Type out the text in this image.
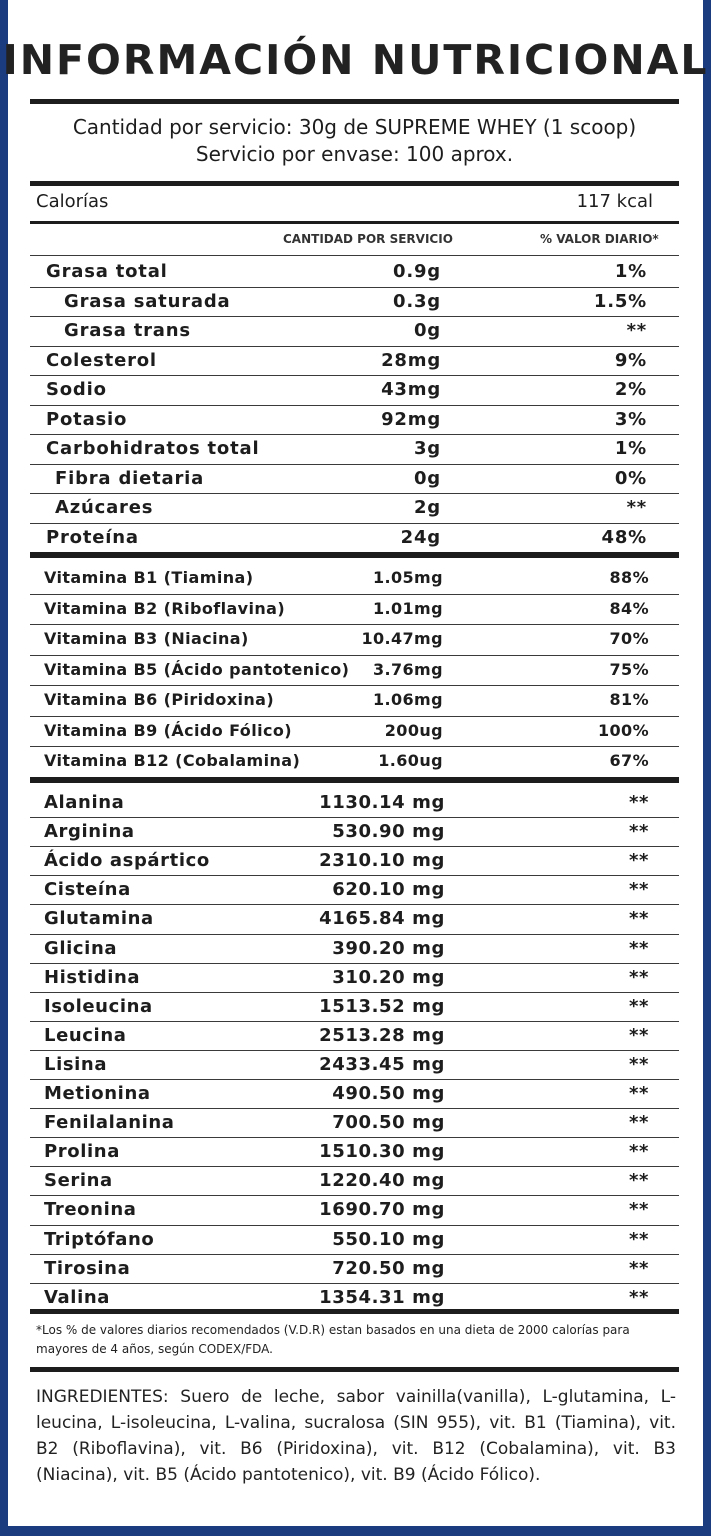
INFORMACIÓN NUTRICIONAL
Cantidad por servicio: 30g de SUPREME WHEY (1 scoop)
Servicio por envase: 100 aprox.
Calorías	117 kcal
CANTIDAD POR SERVICIO	% VALOR DIARIO*
Grasa total	0.9g	1%
Grasa saturada	0.3g	1.5%
Grasa trans	0g	**
Colesterol	28mg	9%
Sodio	43mg	2%
Potasio	92mg	3%
Carbohidratos total	3g	1%
Fibra dietaria	0g	0%
Azúcares	2g	**
Proteína	24g	48%
Vitamina B1 (Tiamina)	1.05mg	88%
Vitamina B2 (Riboflavina)	1.01mg	84%
Vitamina B3 (Niacina)	10.47mg	70%
Vitamina B5 (Ácido pantotenico) 3.76mg	75%
Vitamina B6 (Piridoxina)	1.06mg	81%
Vitamina B9 (Ácido Fólico)	200ug	100%
Vitamina B12 (Cobalamina)	1.60ug	67%
Alanina	1130.14 mg	**
Arginina	530.90 mg	**
Ácido aspártico	2310.10 mg	**
Cisteína	620.10 mg	**
Glutamina	4165.84 mg	**
Glicina	390.20 mg	**
Histidina	310.20 mg	**
Isoleucina	1513.52 mg	**
Leucina	2513.28 mg	**
Lisina	2433.45 mg	**
Metionina	490.50 mg	**
Fenilalanina	700.50 mg	**
Prolina	1510.30 mg	**
Serina	1220.40 mg	**
Treonina	1690.70 mg	**
Triptófano	550.10 mg	**
Tirosina	720.50 mg	**
Valina	1354.31 mg	**
*Los % de valores diarios recomendados (V.D.R) estan basados en una dieta de 2000 calorías para mayores de 4 años, según CODEX/FDA.
INGREDIENTES: Suero de leche, sabor vainilla(vanilla), L-glutamina, L-leucina, L-isoleucina, L-valina, sucralosa (SIN 955), vit. B1 (Tiamina), vit. B2 (Riboflavina), vit. B6 (Piridoxina), vit. B12 (Cobalamina), vit. B3 (Niacina), vit. B5 (Ácido pantotenico), vit. B9 (Ácido Fólico).
